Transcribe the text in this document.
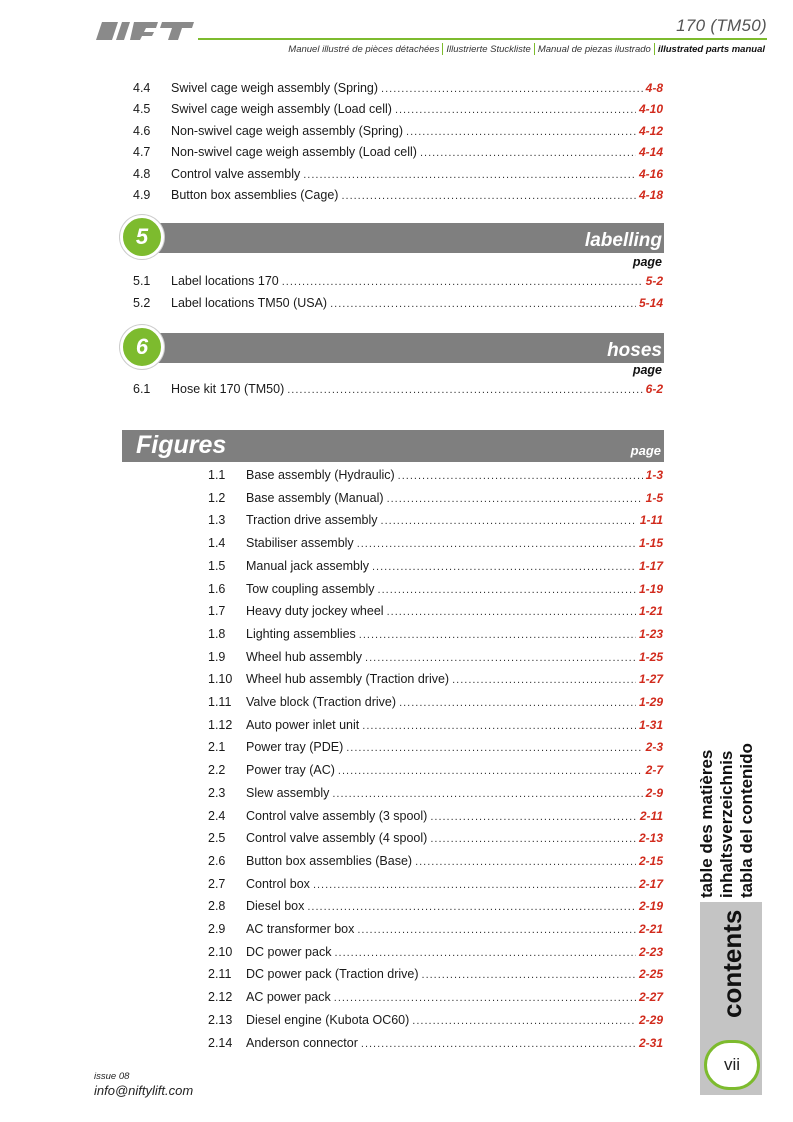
170 (TM50)
Manuel illustré de pièces détachées Illustrierte Stuckliste Manual de piezas ilustrado illustrated parts manual
4.4	Swivel cage weigh assembly (Spring) .....	4-8
4.5	Swivel cage weigh assembly (Load cell) .....	4-10
4.6	Non-swivel cage weigh assembly (Spring) .....	4-12
4.7	Non-swivel cage weigh assembly (Load cell) .....	4-14
4.8	Control valve assembly .....	4-16
4.9	Button box assemblies (Cage) .....	4-18
labelling
5
page
5.1	Label locations 170 .....	5-2
5.2	Label locations TM50 (USA) .....	5-14
hoses
6
page
6.1	Hose kit 170 (TM50) .....	6-2
Figures	page
1.1	Base assembly (Hydraulic) .....	1-3
1.2	Base assembly (Manual) .....	1-5
1.3	Traction drive assembly .....	1-11
1.4	Stabiliser assembly .....	1-15
1.5	Manual jack assembly .....	1-17
1.6	Tow coupling assembly .....	1-19
1.7	Heavy duty jockey wheel .....	1-21
1.8	Lighting assemblies .....	1-23
1.9	Wheel hub assembly .....	1-25
1.10	Wheel hub assembly (Traction drive) .....	1-27
1.11	Valve block (Traction drive) .....	1-29
1.12	Auto power inlet unit .....	1-31
2.1	Power tray (PDE) .....	2-3
2.2	Power tray (AC) .....	2-7
2.3	Slew assembly .....	2-9
2.4	Control valve assembly (3 spool) .....	2-11
2.5	Control valve assembly (4 spool) .....	2-13
2.6	Button box assemblies (Base) .....	2-15
2.7	Control box .....	2-17
2.8	Diesel box .....	2-19
2.9	AC transformer box .....	2-21
2.10	DC power pack .....	2-23
2.11	DC power pack (Traction drive) .....	2-25
2.12	AC power pack .....	2-27
2.13	Diesel engine (Kubota OC60) .....	2-29
2.14	Anderson connector .....	2-31
table des matières inhaltsverzeichnis tabla del contenido
contents
vii
issue 08
info@niftylift.com
